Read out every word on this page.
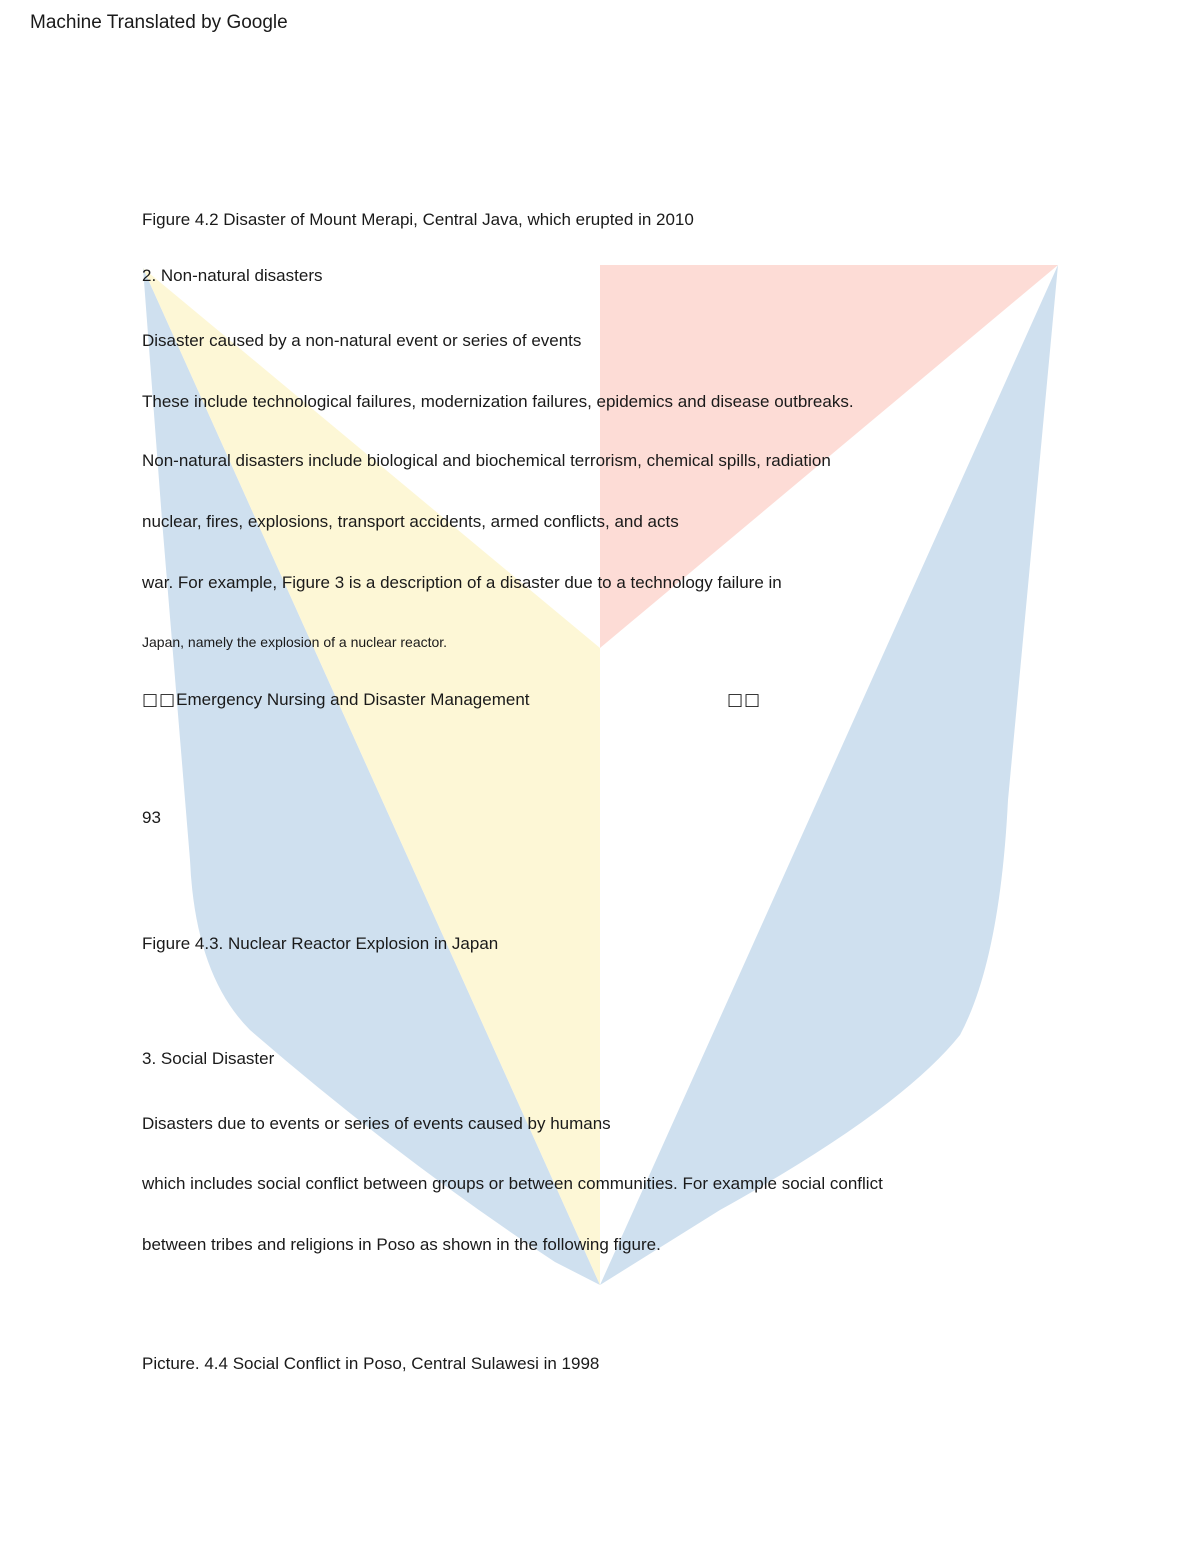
Machine Translated by Google
Figure 4.2 Disaster of Mount Merapi, Central Java, which erupted in 2010
2. Non-natural disasters
Disaster caused by a non-natural event or series of events
These include technological failures, modernization failures, epidemics and disease outbreaks.
Non-natural disasters include biological and biochemical terrorism, chemical spills, radiation
nuclear, fires, explosions, transport accidents, armed conflicts, and acts
war. For example, Figure 3 is a description of a disaster due to a technology failure in
Japan, namely the explosion of a nuclear reactor.
□□Emergency Nursing and Disaster Management	□□
93
Figure 4.3. Nuclear Reactor Explosion in Japan
3. Social Disaster
Disasters due to events or series of events caused by humans
which includes social conflict between groups or between communities. For example social conflict
between tribes and religions in Poso as shown in the following figure.
Picture. 4.4 Social Conflict in Poso, Central Sulawesi in 1998
